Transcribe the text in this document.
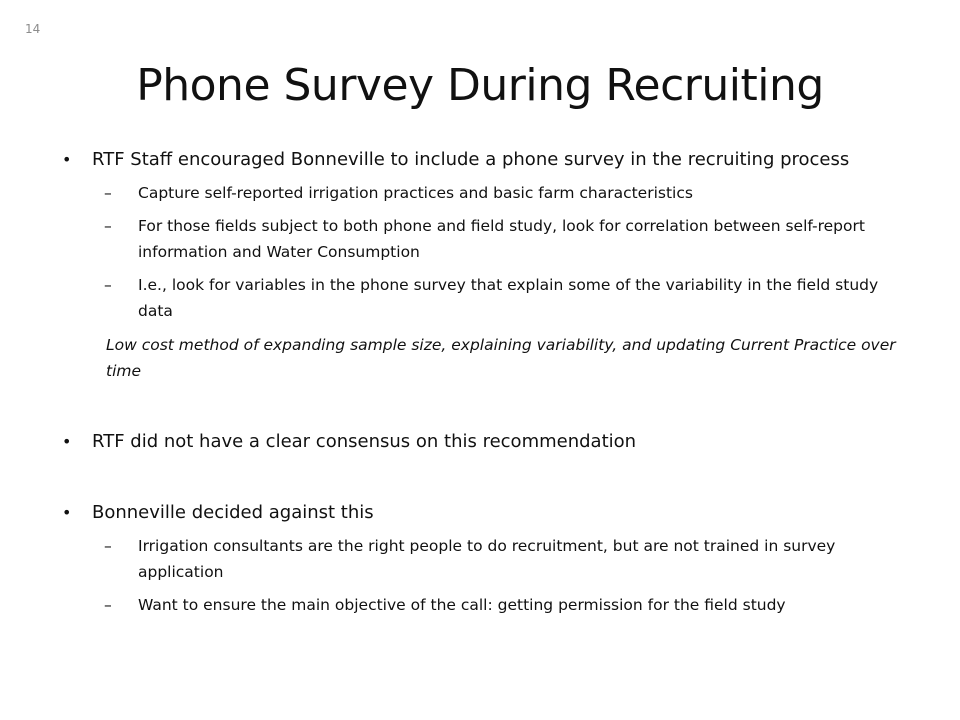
14
Phone Survey During Recruiting
• RTF Staff encouraged Bonneville to include a phone survey in the recruiting process
– Capture self-reported irrigation practices and basic farm characteristics
– For those fields subject to both phone and field study, look for correlation between self-report information and Water Consumption
– I.e., look for variables in the phone survey that explain some of the variability in the field study data
Low cost method of expanding sample size, explaining variability, and updating Current Practice over time
• RTF did not have a clear consensus on this recommendation
• Bonneville decided against this
– Irrigation consultants are the right people to do recruitment, but are not trained in survey application
– Want to ensure the main objective of the call: getting permission for the field study
